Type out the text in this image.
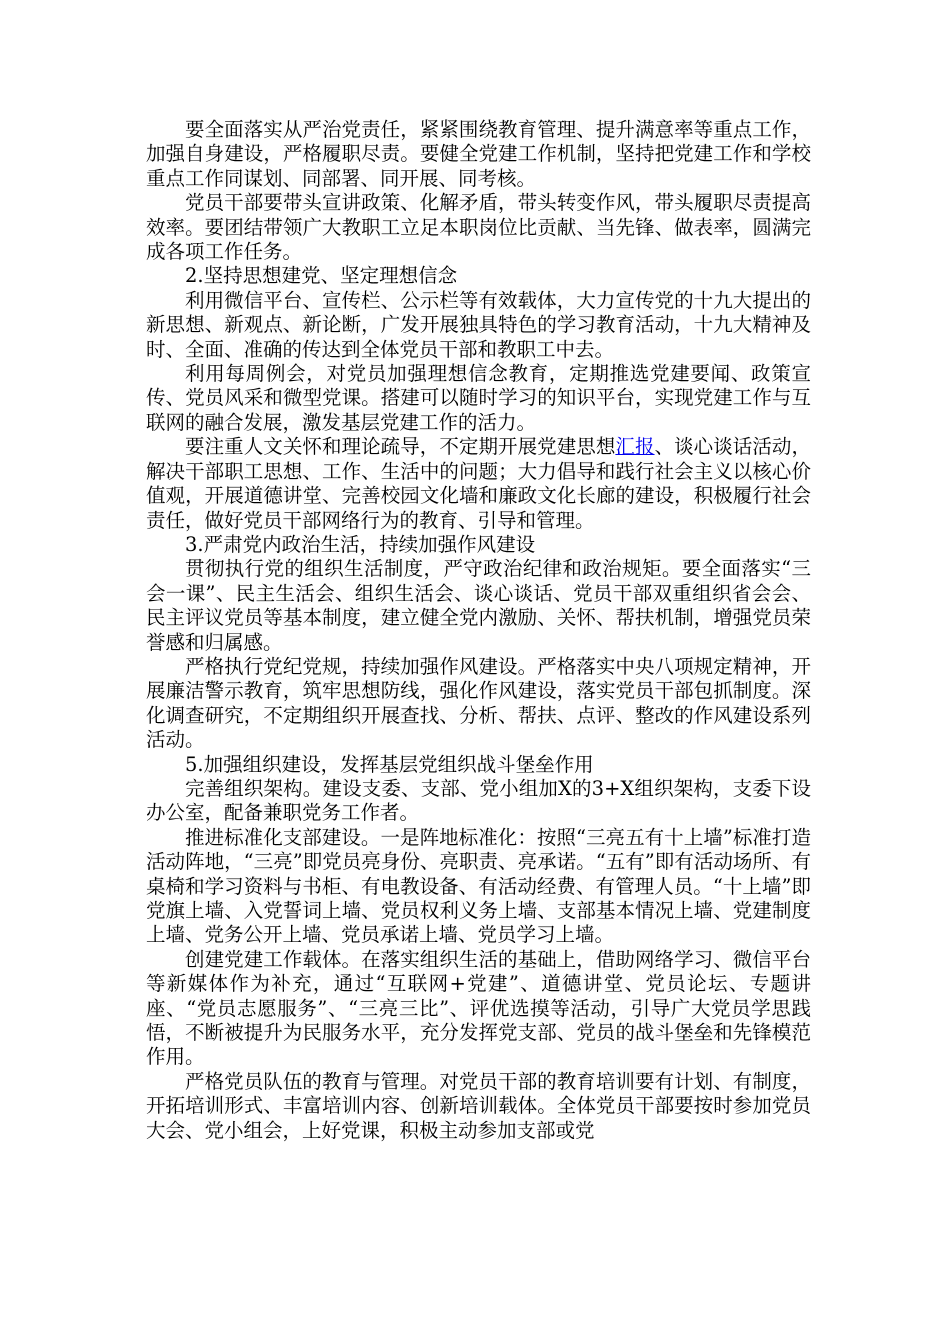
要全面落实从严治党责任，紧紧围绕教育管理、提升满意率等重点工作，加强自身建设，严格履职尽责。要健全党建工作机制，坚持把党建工作和学校重点工作同谋划、同部署、同开展、同考核。

党员干部要带头宣讲政策、化解矛盾，带头转变作风，带头履职尽责提高效率。要团结带领广大教职工立足本职岗位比贡献、当先锋、做表率，圆满完成各项工作任务。

2.坚持思想建党、坚定理想信念

利用微信平台、宣传栏、公示栏等有效载体，大力宣传党的十九大提出的新思想、新观点、新论断，广发开展独具特色的学习教育活动，十九大精神及时、全面、准确的传达到全体党员干部和教职工中去。

利用每周例会，对党员加强理想信念教育，定期推选党建要闻、政策宣传、党员风采和微型党课。搭建可以随时学习的知识平台，实现党建工作与互联网的融合发展，激发基层党建工作的活力。

要注重人文关怀和理论疏导，不定期开展党建思想汇报、谈心谈话活动，解决干部职工思想、工作、生活中的问题；大力倡导和践行社会主义以核心价值观，开展道德讲堂、完善校园文化墙和廉政文化长廊的建设，积极履行社会责任，做好党员干部网络行为的教育、引导和管理。

3.严肃党内政治生活，持续加强作风建设

贯彻执行党的组织生活制度，严守政治纪律和政治规矩。要全面落实“三会一课”、民主生活会、组织生活会、谈心谈话、党员干部双重组织省会会、民主评议党员等基本制度，建立健全党内激励、关怀、帮扶机制，增强党员荣誉感和归属感。

严格执行党纪党规，持续加强作风建设。严格落实中央八项规定精神，开展廉洁警示教育，筑牢思想防线，强化作风建设，落实党员干部包抓制度。深化调查研究，不定期组织开展查找、分析、帮扶、点评、整改的作风建设系列活动。

5.加强组织建设，发挥基层党组织战斗堡垒作用

完善组织架构。建设支委、支部、党小组加X的3+X组织架构，支委下设办公室，配备兼职党务工作者。

推进标准化支部建设。一是阵地标准化：按照“三亮五有十上墙”标准打造活动阵地，“三亮”即党员亮身份、亮职责、亮承诺。“五有”即有活动场所、有桌椅和学习资料与书柜、有电教设备、有活动经费、有管理人员。“十上墙”即党旗上墙、入党誓词上墙、党员权利义务上墙、支部基本情况上墙、党建制度上墙、党务公开上墙、党员承诺上墙、党员学习上墙。

创建党建工作载体。在落实组织生活的基础上，借助网络学习、微信平台等新媒体作为补充，通过“互联网+党建”、道德讲堂、党员论坛、专题讲座、“党员志愿服务”、“三亮三比”、评优选摸等活动，引导广大党员学思践悟，不断被提升为民服务水平，充分发挥党支部、党员的战斗堡垒和先锋模范作用。

严格党员队伍的教育与管理。对党员干部的教育培训要有计划、有制度，开拓培训形式、丰富培训内容、创新培训载体。全体党员干部要按时参加党员大会、党小组会，上好党课，积极主动参加支部或党
